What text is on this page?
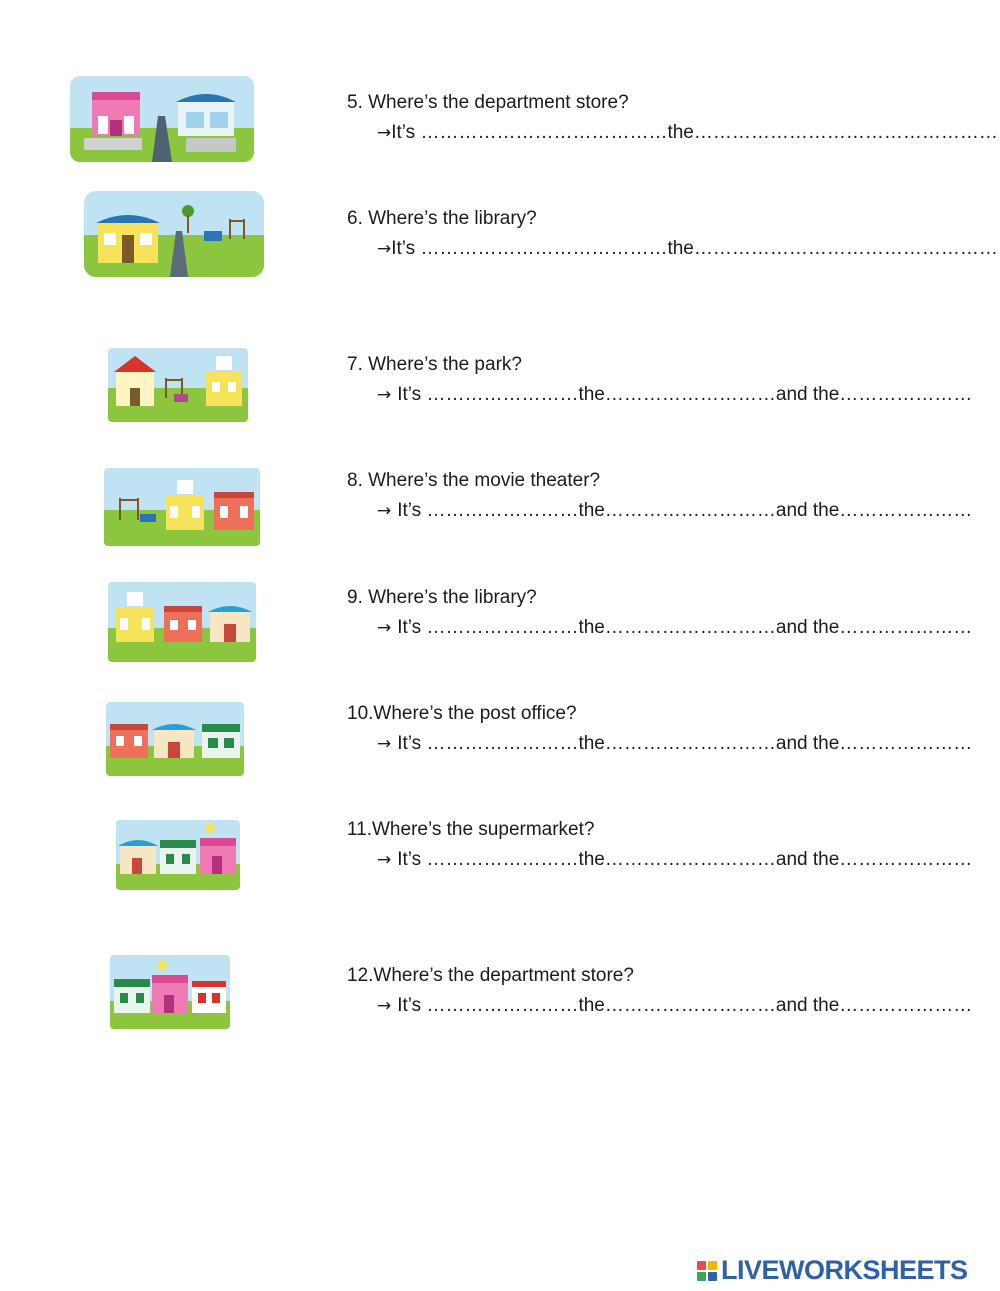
5. Where’s the department store?
→It’s …………………………………the…………………………………………
6. Where’s the library?
→It’s …………………………………the…………………………………………
7. Where’s the park?
→ It’s ……………………the………………………and the…………………
8. Where’s the movie theater?
→ It’s ……………………the………………………and the…………………
9. Where’s the library?
→ It’s ……………………the………………………and the…………………
10.Where’s the post office?
→ It’s ……………………the………………………and the…………………
11.Where’s the supermarket?
→ It’s ……………………the………………………and the…………………
12.Where’s the department store?
→ It’s ……………………the………………………and the…………………
LIVEWORKSHEETS
